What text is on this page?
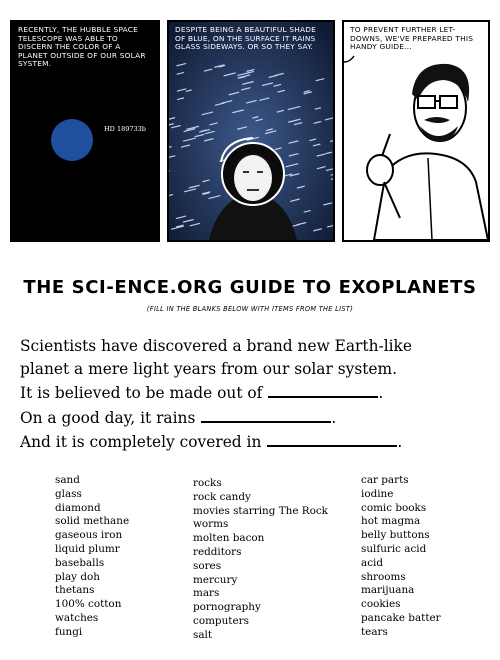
RECENTLY, THE HUBBLE SPACE TELESCOPE WAS ABLE TO DISCERN THE COLOR OF A PLANET OUTSIDE OF OUR SOLAR SYSTEM.
HD 189733b
DESPITE BEING A BEAUTIFUL SHADE OF BLUE, ON THE SURFACE IT RAINS GLASS SIDEWAYS. OR SO THEY SAY.
TO PREVENT FURTHER LET-DOWNS, WE'VE PREPARED THIS HANDY GUIDE...
THE SCI-ENCE.ORG GUIDE TO EXOPLANETS
(FILL IN THE BLANKS BELOW WITH ITEMS FROM THE LIST)
Scientists have discovered a brand new Earth-like
planet a mere light years from our solar system.
It is believed to be made out of	.
On a good day, it rains	.
And it is completely covered in	.
sand
glass
diamond
solid methane
gaseous iron
liquid plumr
baseballs
play doh
thetans
100% cotton
watches
fungi
rocks
rock candy
movies starring The Rock
worms
molten bacon
redditors
sores
mercury
mars
pornography
computers
salt
car parts
iodine
comic books
hot magma
belly buttons
sulfuric acid
acid
shrooms
marijuana
cookies
pancake batter
tears
